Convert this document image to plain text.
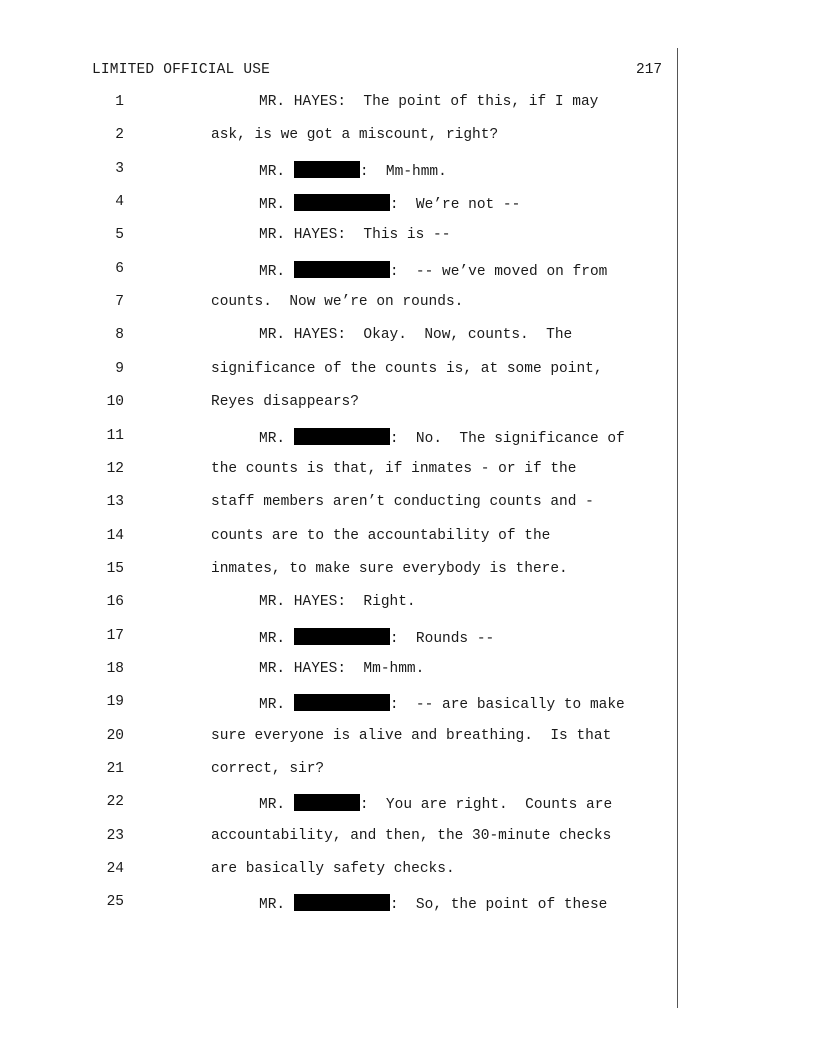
LIMITED OFFICIAL USE	217
1	MR. HAYES:  The point of this, if I may
2	ask, is we got a miscount, right?
3	MR.	:  Mm-hmm.
4	MR.	:  We’re not --
5	MR. HAYES:  This is --
6	MR.	:  -- we’ve moved on from
7	counts.  Now we’re on rounds.
8	MR. HAYES:  Okay.  Now, counts.  The
9	significance of the counts is, at some point,
10	Reyes disappears?
11	MR.	:  No.  The significance of
12	the counts is that, if inmates - or if the
13	staff members aren’t conducting counts and -
14	counts are to the accountability of the
15	inmates, to make sure everybody is there.
16	MR. HAYES:  Right.
17	MR.	:  Rounds --
18	MR. HAYES:  Mm-hmm.
19	MR.	:  -- are basically to make
20	sure everyone is alive and breathing.  Is that
21	correct, sir?
22	MR.	:  You are right.  Counts are
23	accountability, and then, the 30-minute checks
24	are basically safety checks.
25	MR.	:  So, the point of these
